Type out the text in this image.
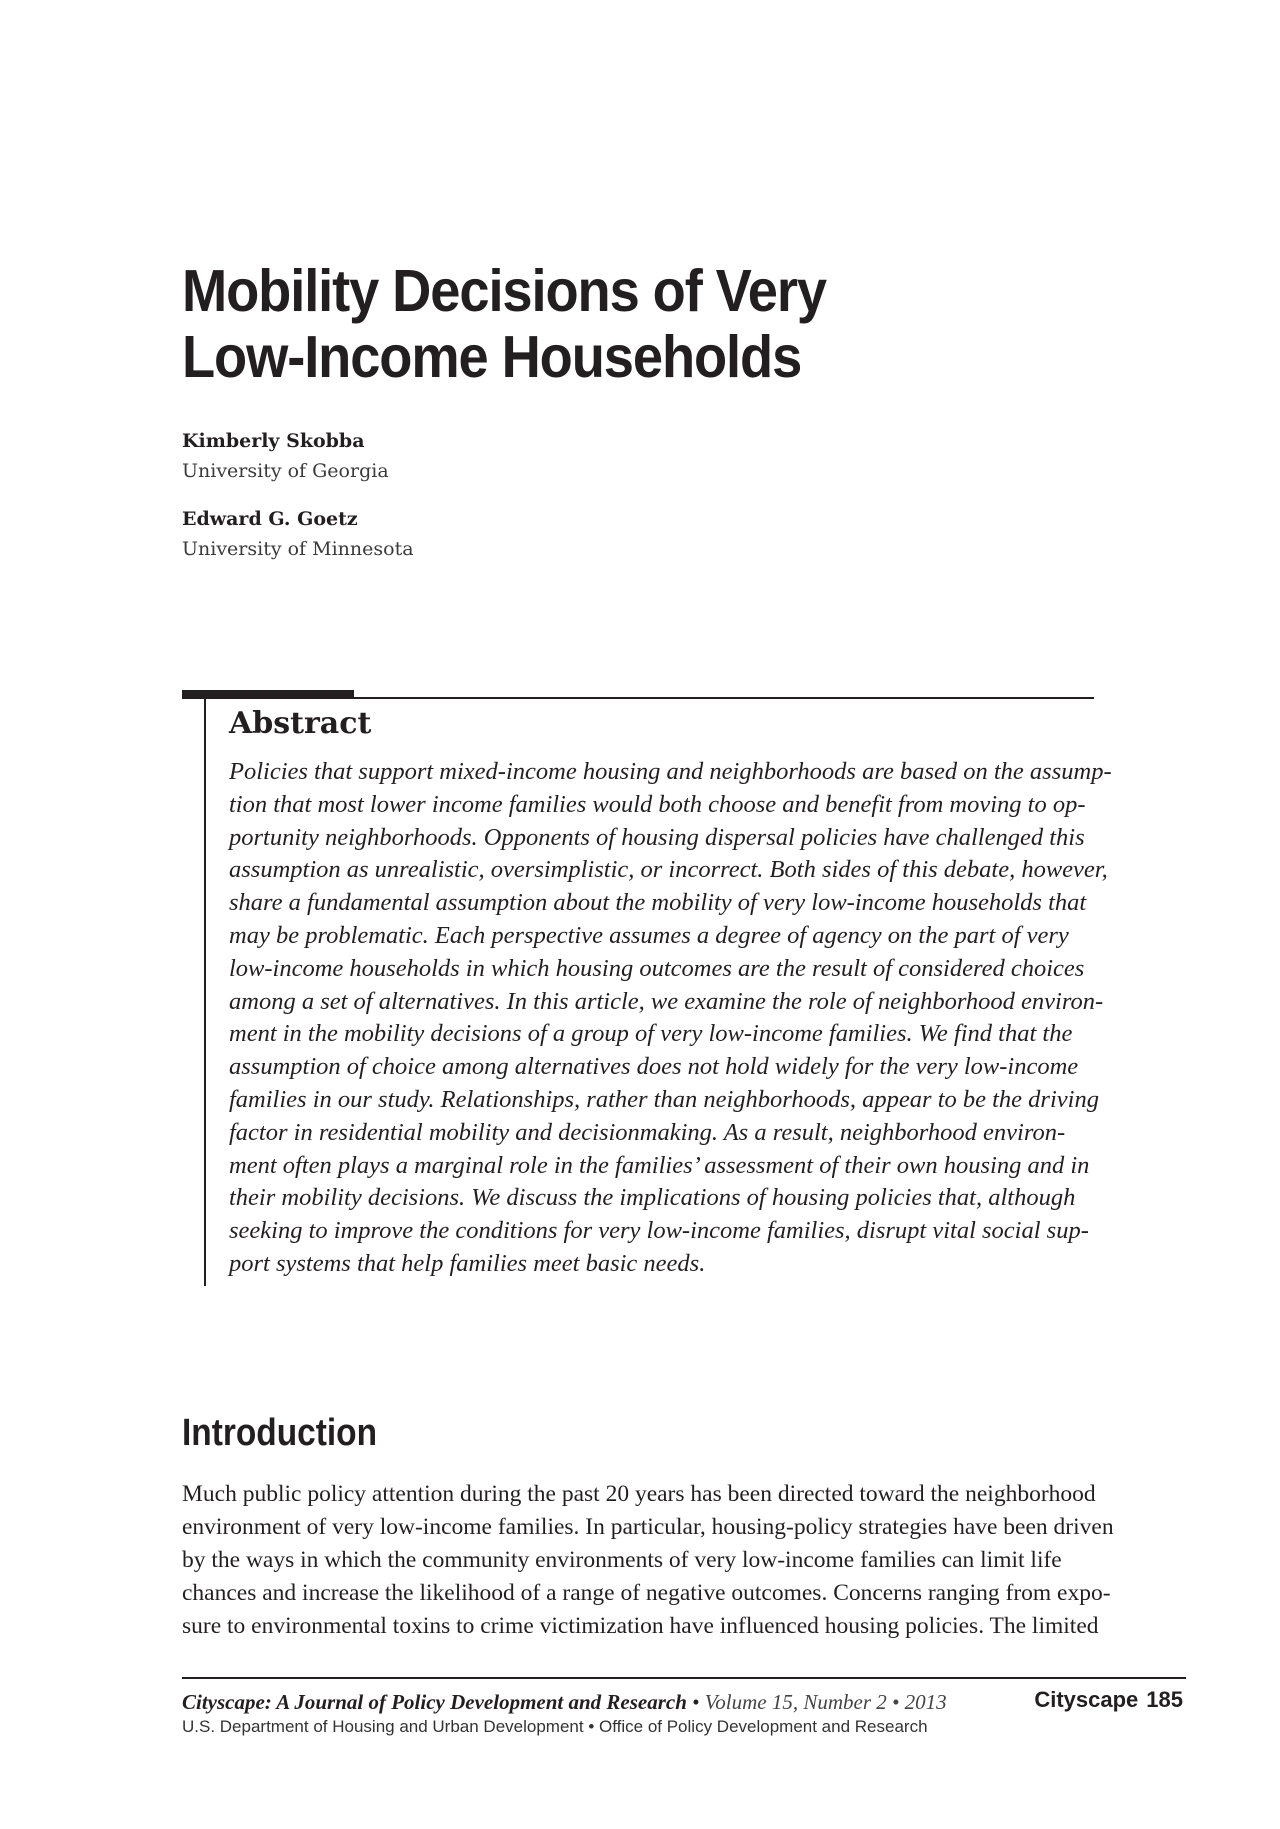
Mobility Decisions of Very
Low-Income Households
Kimberly Skobba
University of Georgia
Edward G. Goetz
University of Minnesota
Abstract

Policies that support mixed-income housing and neighborhoods are based on the assump-
tion that most lower income families would both choose and benefit from moving to op-
portunity neighborhoods. Opponents of housing dispersal policies have challenged this
assumption as unrealistic, oversimplistic, or incorrect. Both sides of this debate, however,
share a fundamental assumption about the mobility of very low-income households that
may be problematic. Each perspective assumes a degree of agency on the part of very
low-income households in which housing outcomes are the result of considered choices
among a set of alternatives. In this article, we examine the role of neighborhood environ-
ment in the mobility decisions of a group of very low-income families. We find that the
assumption of choice among alternatives does not hold widely for the very low-income
families in our study. Relationships, rather than neighborhoods, appear to be the driving
factor in residential mobility and decisionmaking. As a result, neighborhood environ-
ment often plays a marginal role in the families’ assessment of their own housing and in
their mobility decisions. We discuss the implications of housing policies that, although
seeking to improve the conditions for very low-income families, disrupt vital social sup-
port systems that help families meet basic needs.

Introduction

Much public policy attention during the past 20 years has been directed toward the neighborhood
environment of very low-income families. In particular, housing-policy strategies have been driven
by the ways in which the community environments of very low-income families can limit life
chances and increase the likelihood of a range of negative outcomes. Concerns ranging from expo-
sure to environmental toxins to crime victimization have influenced housing policies. The limited

Cityscape: A Journal of Policy Development and Research • Volume 15, Number 2 • 2013

U.S. Department of Housing and Urban Development • Office of Policy Development and Research

Cityscape 185
